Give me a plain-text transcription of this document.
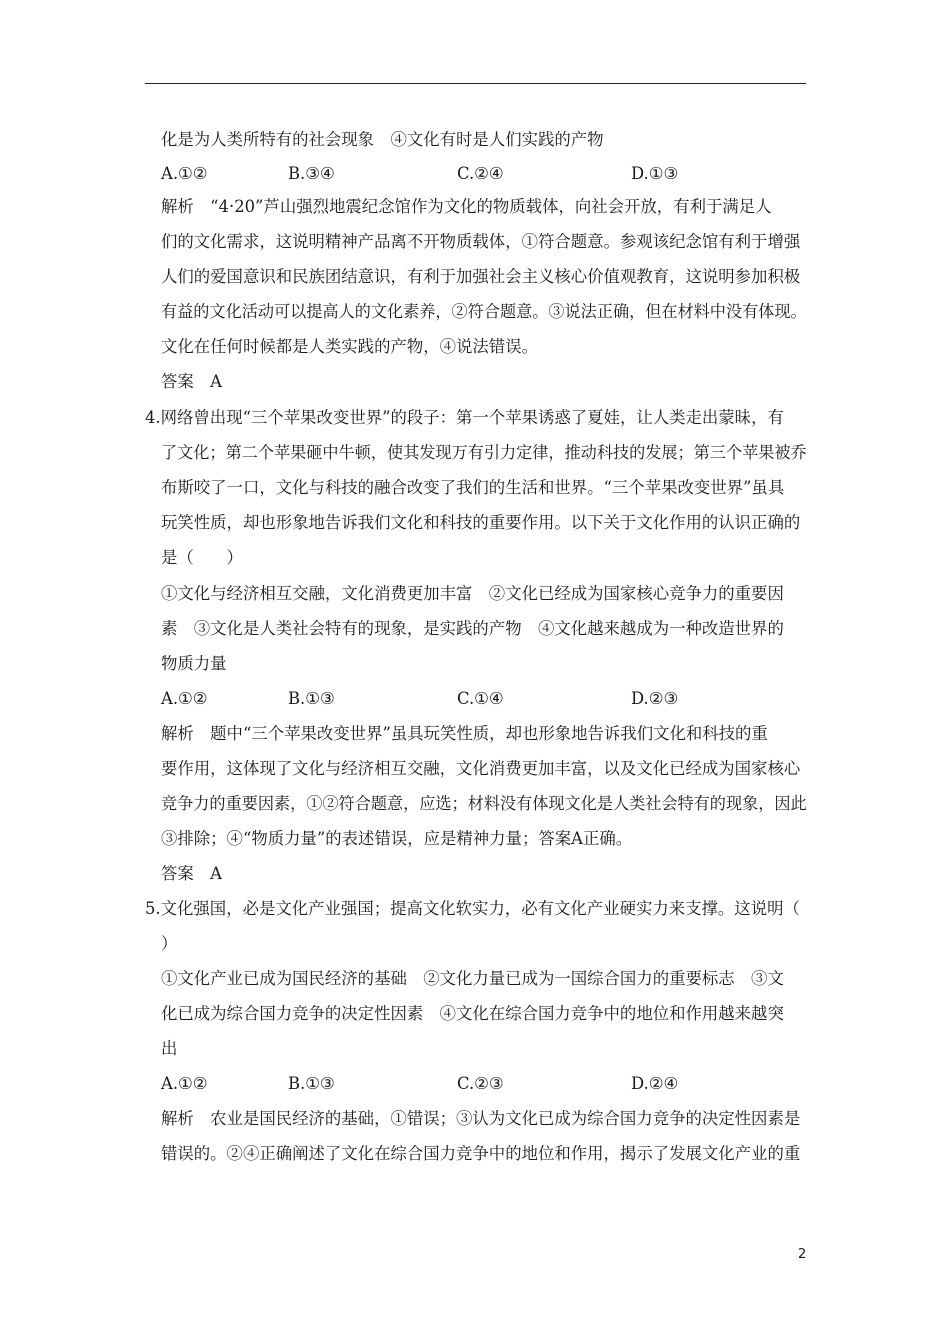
化是为人类所特有的社会现象　④文化有时是人们实践的产物
A.①②	B.③④	C.②④	D.①③
解析　“4·20”芦山强烈地震纪念馆作为文化的物质载体，向社会开放，有利于满足人
们的文化需求，这说明精神产品离不开物质载体，①符合题意。参观该纪念馆有利于增强
人们的爱国意识和民族团结意识，有利于加强社会主义核心价值观教育，这说明参加积极
有益的文化活动可以提高人的文化素养，②符合题意。③说法正确，但在材料中没有体现。
文化在任何时候都是人类实践的产物，④说法错误。
答案　A
4.网络曾出现“三个苹果改变世界”的段子：第一个苹果诱惑了夏娃，让人类走出蒙昧，有
了文化；第二个苹果砸中牛顿，使其发现万有引力定律，推动科技的发展；第三个苹果被乔
布斯咬了一口，文化与科技的融合改变了我们的生活和世界。“三个苹果改变世界”虽具
玩笑性质，却也形象地告诉我们文化和科技的重要作用。以下关于文化作用的认识正确的
是（　　）
①文化与经济相互交融，文化消费更加丰富　②文化已经成为国家核心竞争力的重要因
素　③文化是人类社会特有的现象，是实践的产物　④文化越来越成为一种改造世界的
物质力量
A.①②	B.①③	C.①④	D.②③
解析　题中“三个苹果改变世界”虽具玩笑性质，却也形象地告诉我们文化和科技的重
要作用，这体现了文化与经济相互交融，文化消费更加丰富，以及文化已经成为国家核心
竞争力的重要因素，①②符合题意，应选；材料没有体现文化是人类社会特有的现象，因此
③排除；④“物质力量”的表述错误，应是精神力量；答案A正确。
答案　A
5.文化强国，必是文化产业强国；提高文化软实力，必有文化产业硬实力来支撑。这说明（
）
①文化产业已成为国民经济的基础　②文化力量已成为一国综合国力的重要标志　③文
化已成为综合国力竞争的决定性因素　④文化在综合国力竞争中的地位和作用越来越突
出
A.①②	B.①③	C.②③	D.②④
解析　农业是国民经济的基础，①错误；③认为文化已成为综合国力竞争的决定性因素是
错误的。②④正确阐述了文化在综合国力竞争中的地位和作用，揭示了发展文化产业的重
2
